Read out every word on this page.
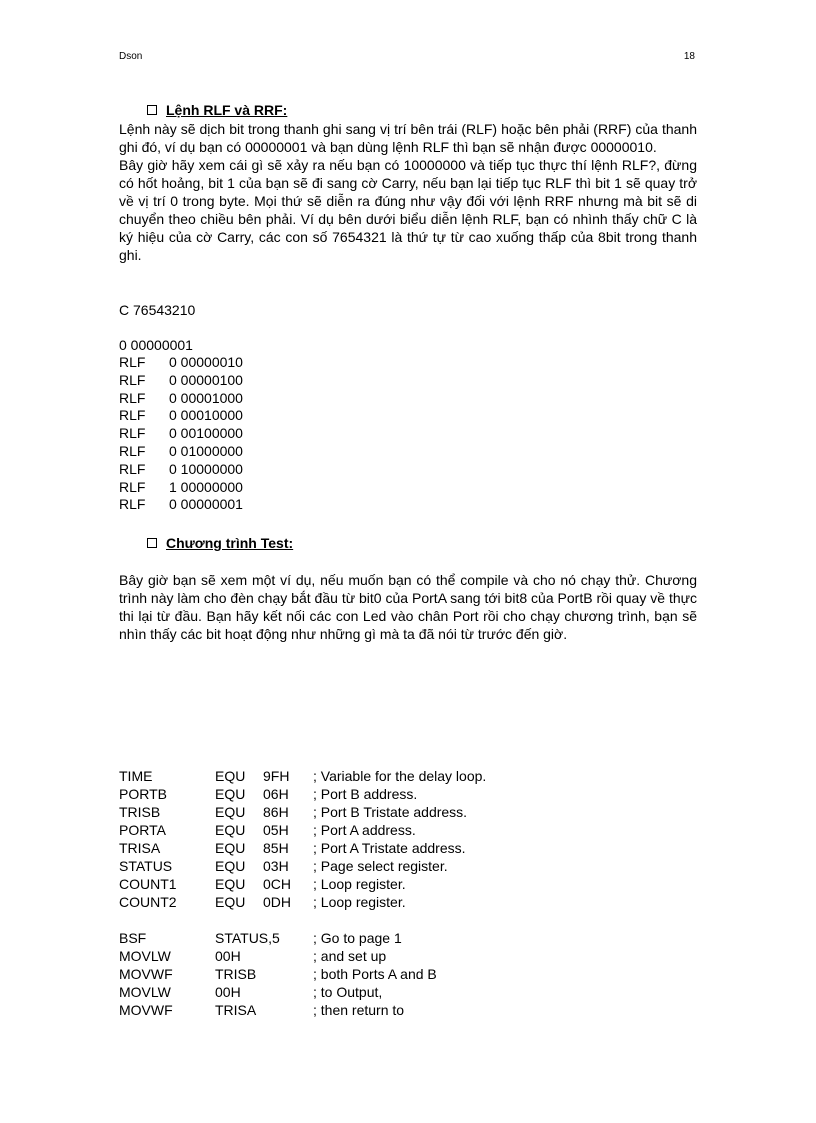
Dson	18
Lệnh RLF và RRF:

Lệnh này sẽ dịch bit trong thanh ghi sang vị trí bên trái (RLF) hoặc bên phải (RRF) của thanh ghi đó, ví dụ bạn có 00000001 và bạn dùng lệnh RLF thì bạn sẽ nhận được 00000010.

Bây giờ hãy xem cái gì sẽ xảy ra nếu bạn có 10000000 và tiếp tục thực thí lệnh RLF?, đừng có hốt hoảng, bit 1 của bạn sẽ đi sang cờ Carry, nếu bạn lại tiếp tục RLF thì bit 1 sẽ quay trở về vị trí 0 trong byte. Mọi thứ sẽ diễn ra đúng như vậy đối với lệnh RRF nhưng mà bit sẽ di chuyển theo chiều bên phải. Ví dụ bên dưới biểu diễn lệnh RLF, bạn có nhình thấy chữ C là ký hiệu của cờ Carry, các con số 7654321 là thứ tự từ cao xuống thấp của 8bit trong thanh ghi.

C 76543210
0 00000001
RLF	0 00000010
RLF	0 00000100
RLF	0 00001000
RLF	0 00010000
RLF	0 00100000
RLF	0 01000000
RLF	0 10000000
RLF	1 00000000
RLF	0 00000001
Chương trình Test:

Bây giờ bạn sẽ xem một ví dụ, nếu muốn bạn có thể compile và cho nó chạy thử. Chương trình này làm cho đèn chạy bắt đầu từ bit0 của PortA sang tới bit8 của PortB rồi quay về thực thi lại từ đầu. Bạn hãy kết nối các con Led vào chân Port rồi cho chạy chương trình, bạn sẽ nhìn thấy các bit hoạt động như những gì mà ta đã nói từ trước đến giờ.

TIME	EQU	9FH	; Variable for the delay loop.
PORTB	EQU	06H	; Port B address.
TRISB	EQU	86H	; Port B Tristate address.
PORTA	EQU	05H	; Port A address.
TRISA	EQU	85H	; Port A Tristate address.
STATUS	EQU	03H	; Page select register.
COUNT1	EQU	0CH	; Loop register.
COUNT2	EQU	0DH	; Loop register.
BSF	STATUS,5	; Go to page 1
MOVLW	00H	; and set up
MOVWF	TRISB	; both Ports A and B
MOVLW	00H	; to Output,
MOVWF	TRISA	; then return to
